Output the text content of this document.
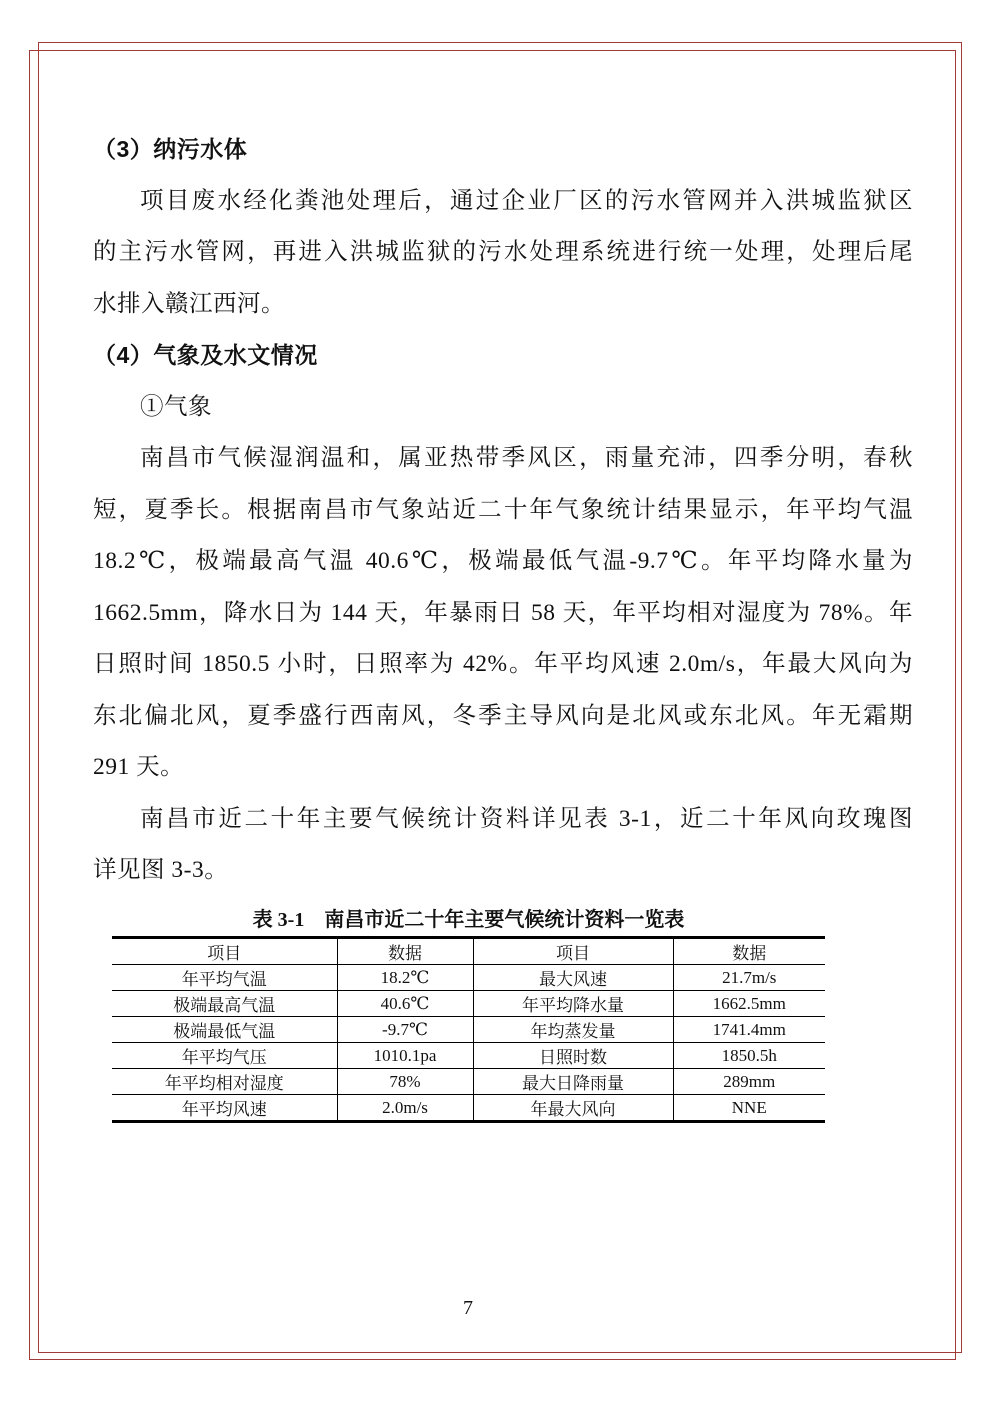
（3）纳污水体
项目废水经化粪池处理后，通过企业厂区的污水管网并入洪城监狱区
的主污水管网，再进入洪城监狱的污水处理系统进行统一处理，处理后尾
水排入赣江西河。
（4）气象及水文情况
①气象
南昌市气候湿润温和，属亚热带季风区，雨量充沛，四季分明，春秋
短，夏季长。根据南昌市气象站近二十年气象统计结果显示，年平均气温
18.2℃，极端最高气温 40.6℃，极端最低气温-9.7℃。年平均降水量为
1662.5mm，降水日为 144 天，年暴雨日 58 天，年平均相对湿度为 78%。年
日照时间 1850.5 小时，日照率为 42%。年平均风速 2.0m/s，年最大风向为
东北偏北风，夏季盛行西南风，冬季主导风向是北风或东北风。年无霜期
291 天。
南昌市近二十年主要气候统计资料详见表 3-1，近二十年风向玫瑰图
详见图 3-3。
表 3-1　南昌市近二十年主要气候统计资料一览表
项目	数据	项目	数据
年平均气温	18.2℃	最大风速	21.7m/s
极端最高气温	40.6℃	年平均降水量	1662.5mm
极端最低气温	-9.7℃	年均蒸发量	1741.4mm
年平均气压	1010.1pa	日照时数	1850.5h
年平均相对湿度	78%	最大日降雨量	289mm
年平均风速	2.0m/s	年最大风向	NNE
7
